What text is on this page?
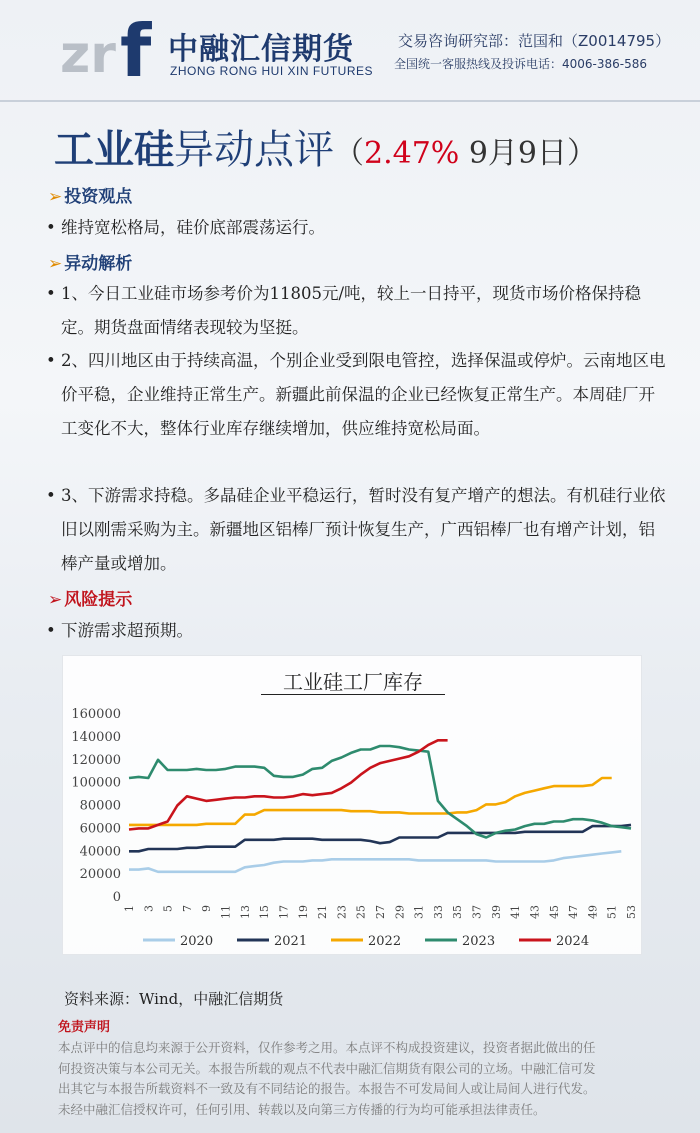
zr f 中融汇信期货
ZHONG RONG HUI XIN FUTURES
交易咨询研究部：范国和（Z0014795）
全国统一客服热线及投诉电话：4006-386-586
工业硅异动点评（2.47% 9月9日）
➢ 投资观点
• 维持宽松格局，硅价底部震荡运行。
➢ 异动解析
• 1、今日工业硅市场参考价为11805元/吨，较上一日持平，现货市场价格保持稳定。期货盘面情绪表现较为坚挺。
• 2、四川地区由于持续高温，个别企业受到限电管控，选择保温或停炉。云南地区电价平稳，企业维持正常生产。新疆此前保温的企业已经恢复正常生产。本周硅厂开工变化不大，整体行业库存继续增加，供应维持宽松局面。
• 3、下游需求持稳。多晶硅企业平稳运行，暂时没有复产增产的想法。有机硅行业依旧以刚需采购为主。新疆地区铝棒厂预计恢复生产，广西铝棒厂也有增产计划，铝棒产量或增加。
➢ 风险提示
• 下游需求超预期。
工业硅工厂库存
0
20000
40000
60000
80000
100000
120000
140000
160000
1 3 5 7 9 11 13 15 17 19 21 23 25 27 29 31 33 35 37 39 41 43 45 47 49 51 53
2020	2021	2022	2023	2024
资料来源：Wind，中融汇信期货
免责声明
本点评中的信息均来源于公开资料，仅作参考之用。本点评不构成投资建议，投资者据此做出的任
何投资决策与本公司无关。本报告所载的观点不代表中融汇信期货有限公司的立场。中融汇信可发
出其它与本报告所载资料不一致及有不同结论的报告。本报告不可发局间人或让局间人进行代发。
未经中融汇信授权许可，任何引用、转载以及向第三方传播的行为均可能承担法律责任。
